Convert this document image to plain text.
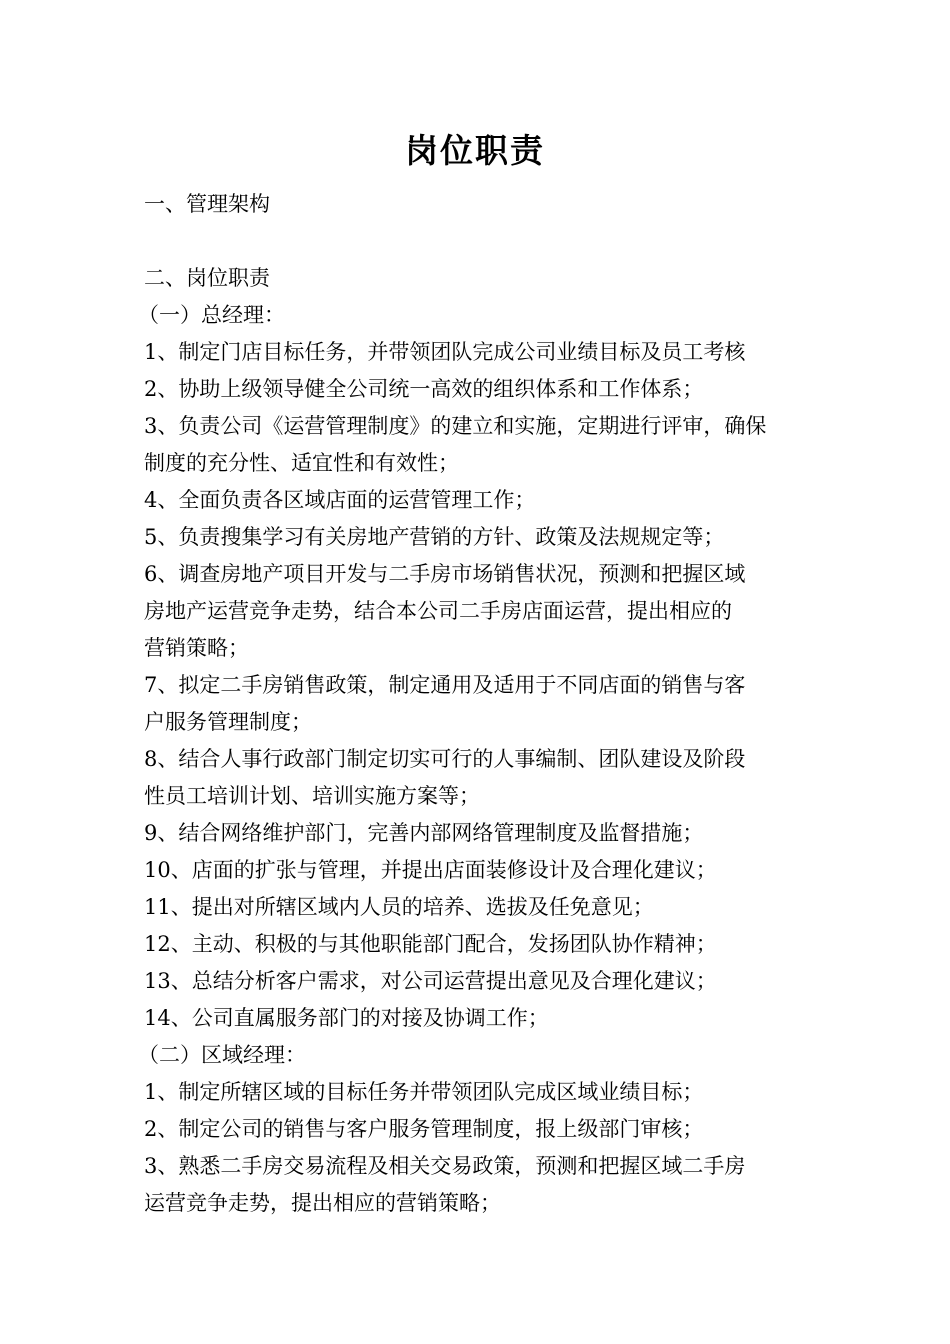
岗位职责
一、管理架构
二、岗位职责
（一）总经理：
1、制定门店目标任务，并带领团队完成公司业绩目标及员工考核
2、协助上级领导健全公司统一高效的组织体系和工作体系；
3、负责公司《运营管理制度》的建立和实施，定期进行评审，确保
制度的充分性、适宜性和有效性；
4、全面负责各区域店面的运营管理工作；
5、负责搜集学习有关房地产营销的方针、政策及法规规定等；
6、调查房地产项目开发与二手房市场销售状况，预测和把握区域
房地产运营竞争走势，结合本公司二手房店面运营，提出相应的
营销策略；
7、拟定二手房销售政策，制定通用及适用于不同店面的销售与客
户服务管理制度；
8、结合人事行政部门制定切实可行的人事编制、团队建设及阶段
性员工培训计划、培训实施方案等；
9、结合网络维护部门，完善内部网络管理制度及监督措施；
10、店面的扩张与管理，并提出店面装修设计及合理化建议；
11、提出对所辖区域内人员的培养、选拔及任免意见；
12、主动、积极的与其他职能部门配合，发扬团队协作精神；
13、总结分析客户需求，对公司运营提出意见及合理化建议；
14、公司直属服务部门的对接及协调工作；
（二）区域经理：
1、制定所辖区域的目标任务并带领团队完成区域业绩目标；
2、制定公司的销售与客户服务管理制度，报上级部门审核；
3、熟悉二手房交易流程及相关交易政策，预测和把握区域二手房
运营竞争走势，提出相应的营销策略；
